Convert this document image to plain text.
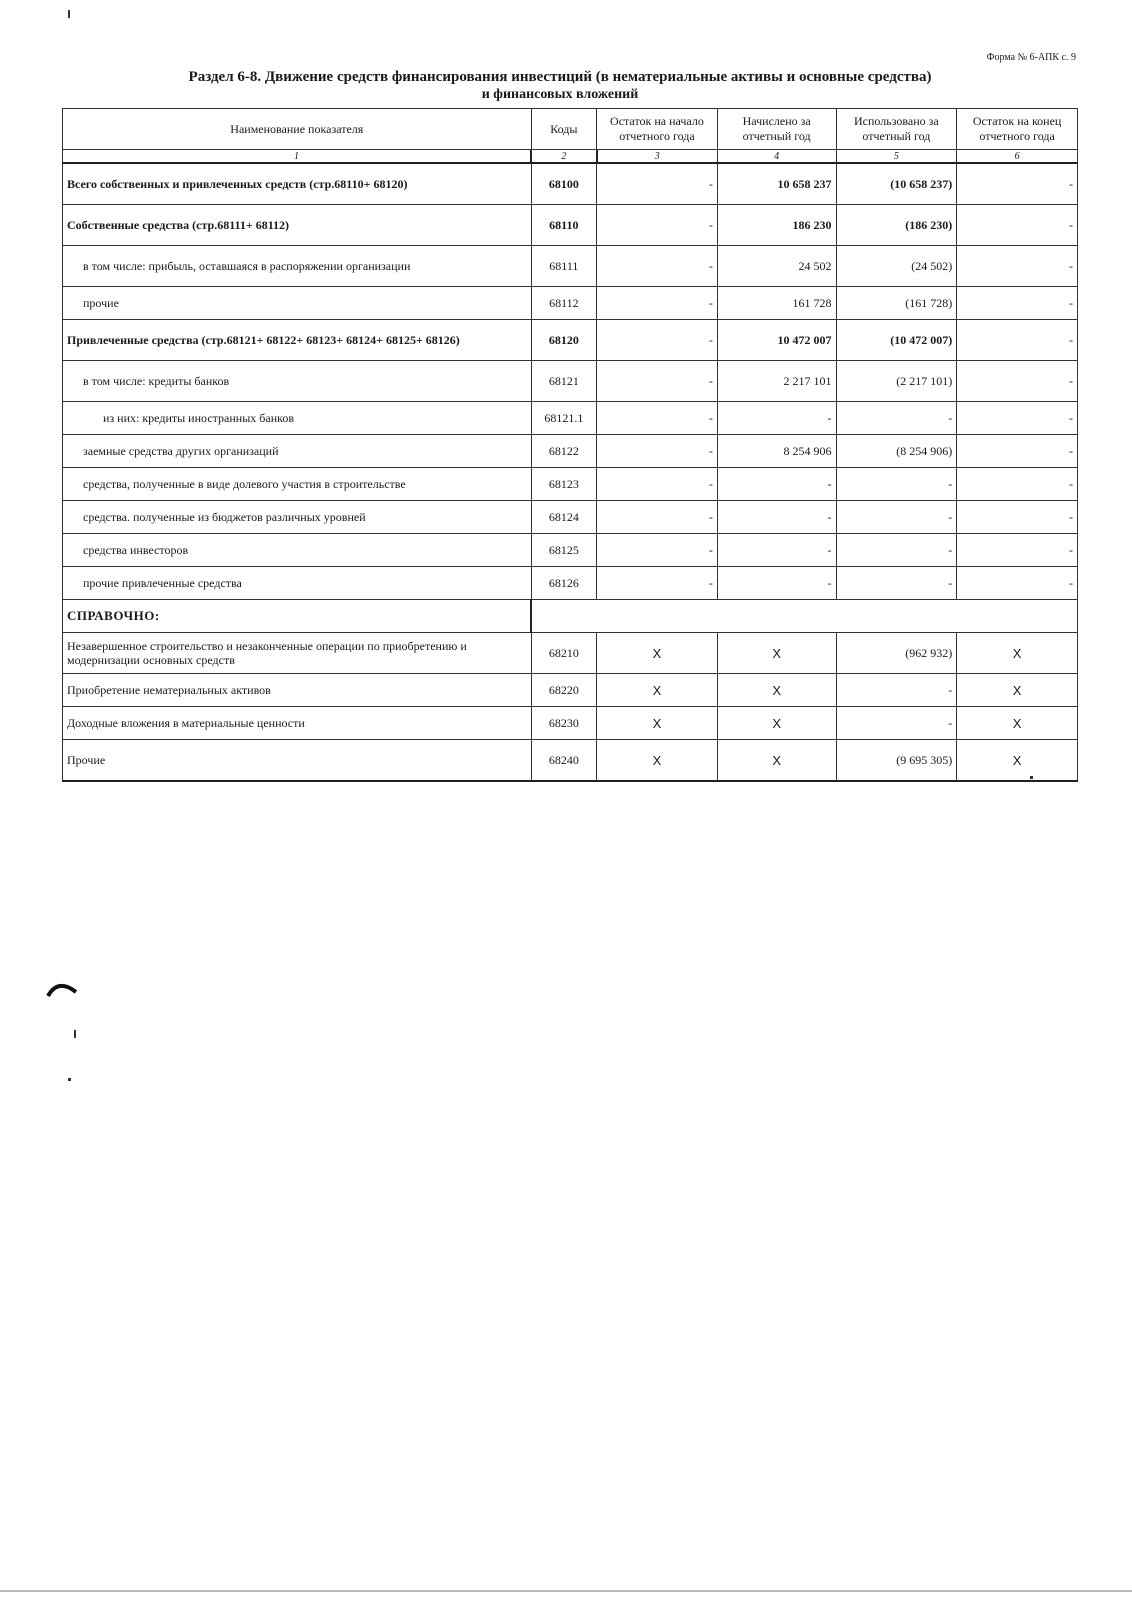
Форма № 6-АПК с. 9
Раздел 6-8. Движение средств финансирования инвестиций (в нематериальные активы и основные средства)
и финансовых вложений
Наименование показателя	Коды	Остаток на начало отчетного года	Начислено за отчетный год	Использовано за отчетный год	Остаток на конец отчетного года
1	2	3	4	5	6
Всего собственных и привлеченных средств (стр.68110+ 68120)	68100	-	10 658 237	(10 658 237)	-
Собственные средства (стр.68111+ 68112)	68110	-	186 230	(186 230)	-
в том числе: прибыль, оставшаяся в распоряжении организации	68111	-	24 502	(24 502)	-
прочие	68112	-	161 728	(161 728)	-
Привлеченные средства (стр.68121+ 68122+ 68123+ 68124+ 68125+ 68126)	68120	-	10 472 007	(10 472 007)	-
в том числе: кредиты банков	68121	-	2 217 101	(2 217 101)	-
из них: кредиты иностранных банков	68121.1	-	-	-	-
заемные средства других организаций	68122	-	8 254 906	(8 254 906)	-
средства, полученные в виде долевого участия в строительстве	68123	-	-	-	-
средства. полученные из бюджетов различных уровней	68124	-	-	-	-
средства инвесторов	68125	-	-	-	-
прочие привлеченные средства	68126	-	-	-	-
СПРАВОЧНО:					
Незавершенное строительство и незаконченные операции по приобретению и модернизации основных средств	68210	X	X	(962 932)	X
Приобретение нематериальных активов	68220	X	X	-	X
Доходные вложения в материальные ценности	68230	X	X	-	X
Прочие	68240	X	X	(9 695 305)	X
